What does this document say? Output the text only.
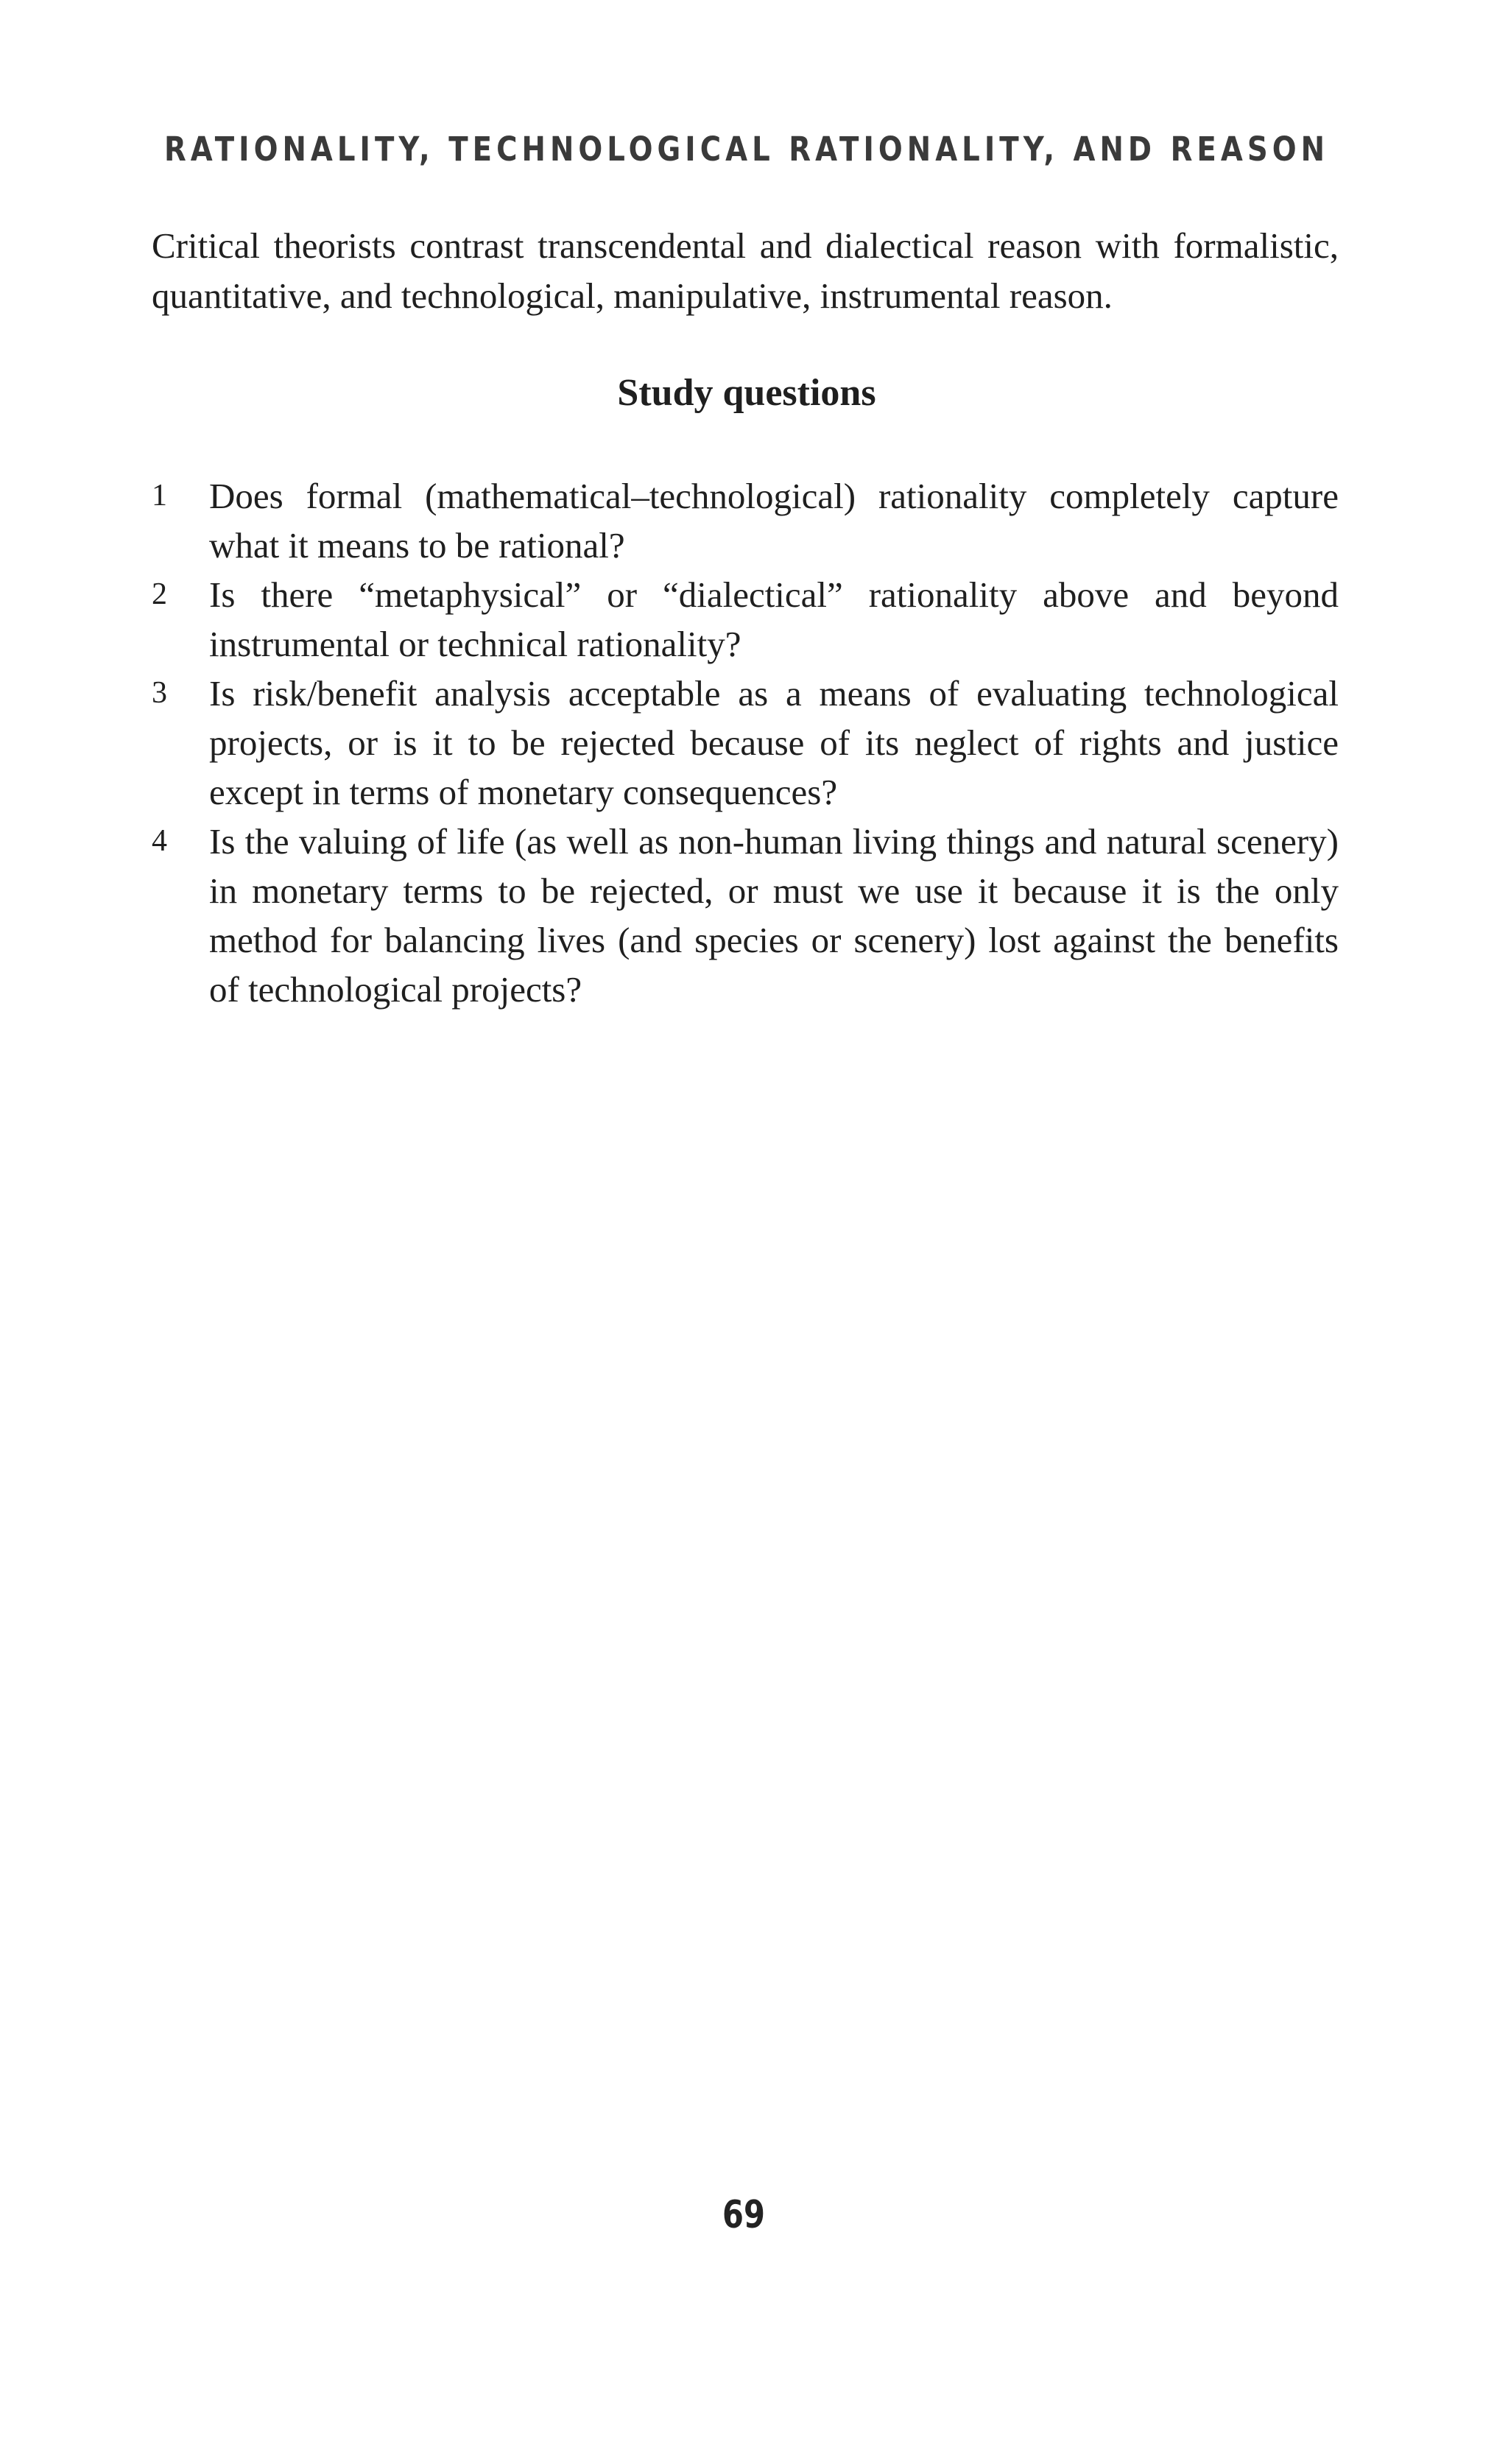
RATIONALITY, TECHNOLOGICAL RATIONALITY, AND REASON

Critical theorists contrast transcendental and dialectical reason with formalistic, quantitative, and technological, manipulative, instrumental reason.

Study questions
1 Does formal (mathematical–technological) rationality completely capture what it means to be rational?
2 Is there “metaphysical” or “dialectical” rationality above and beyond instrumental or technical rationality?
3 Is risk/benefit analysis acceptable as a means of evaluating technological projects, or is it to be rejected because of its neglect of rights and justice except in terms of monetary consequences?
4 Is the valuing of life (as well as non-human living things and natural scenery) in monetary terms to be rejected, or must we use it because it is the only method for balancing lives (and species or scenery) lost against the benefits of technological projects?
69
